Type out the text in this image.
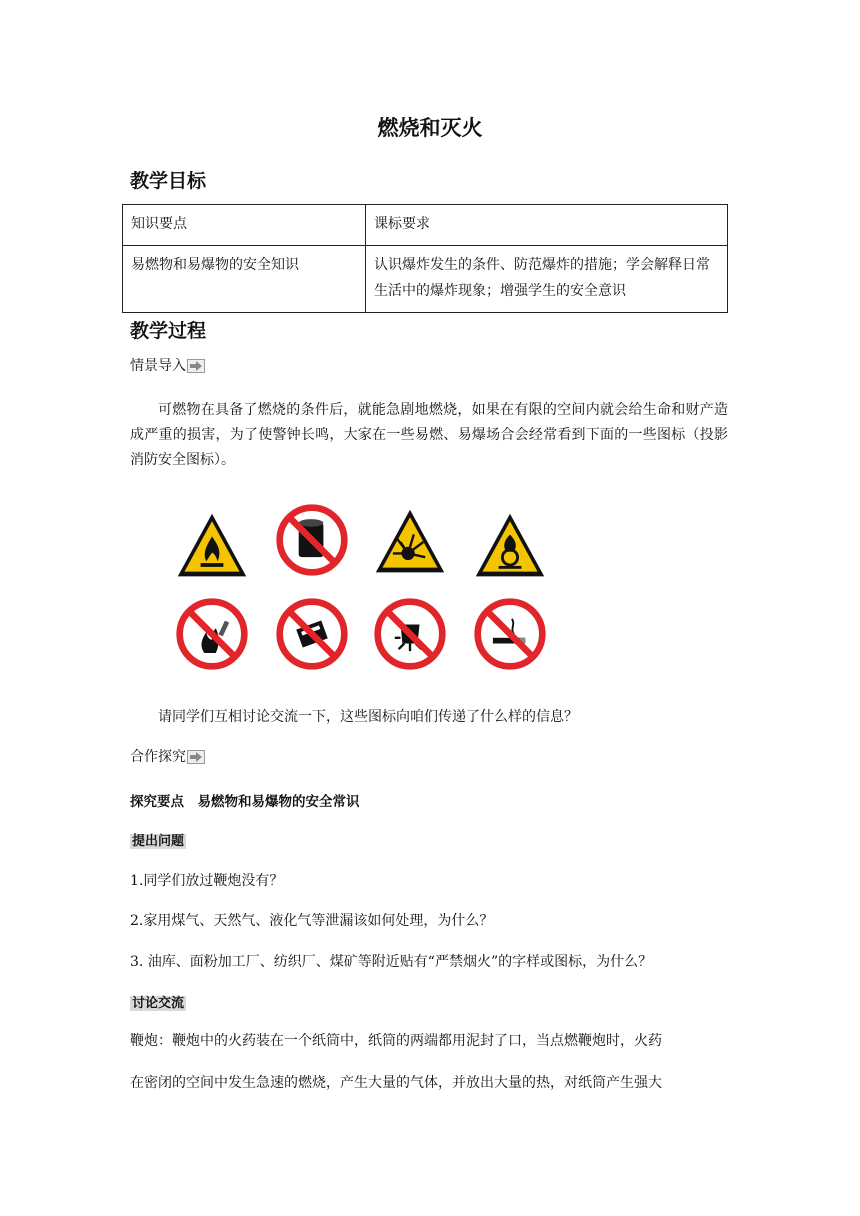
燃烧和灭火
教学目标
知识要点	课标要求
易燃物和易爆物的安全知识	认识爆炸发生的条件、防范爆炸的措施；学会解释日常生活中的爆炸现象；增强学生的安全意识
教学过程
情景导入
可燃物在具备了燃烧的条件后，就能急剧地燃烧，如果在有限的空间内就会给生命和财产造成严重的损害，为了使警钟长鸣，大家在一些易燃、易爆场合会经常看到下面的一些图标（投影消防安全图标）。
请同学们互相讨论交流一下，这些图标向咱们传递了什么样的信息？
合作探究
探究要点　易燃物和易爆物的安全常识
提出问题
1.同学们放过鞭炮没有？
2.家用煤气、天然气、液化气等泄漏该如何处理，为什么？
3. 油库、面粉加工厂、纺织厂、煤矿等附近贴有“严禁烟火”的字样或图标，为什么？
讨论交流
鞭炮：鞭炮中的火药装在一个纸筒中，纸筒的两端都用泥封了口，当点燃鞭炮时，火药
在密闭的空间中发生急速的燃烧，产生大量的气体，并放出大量的热，对纸筒产生强大
